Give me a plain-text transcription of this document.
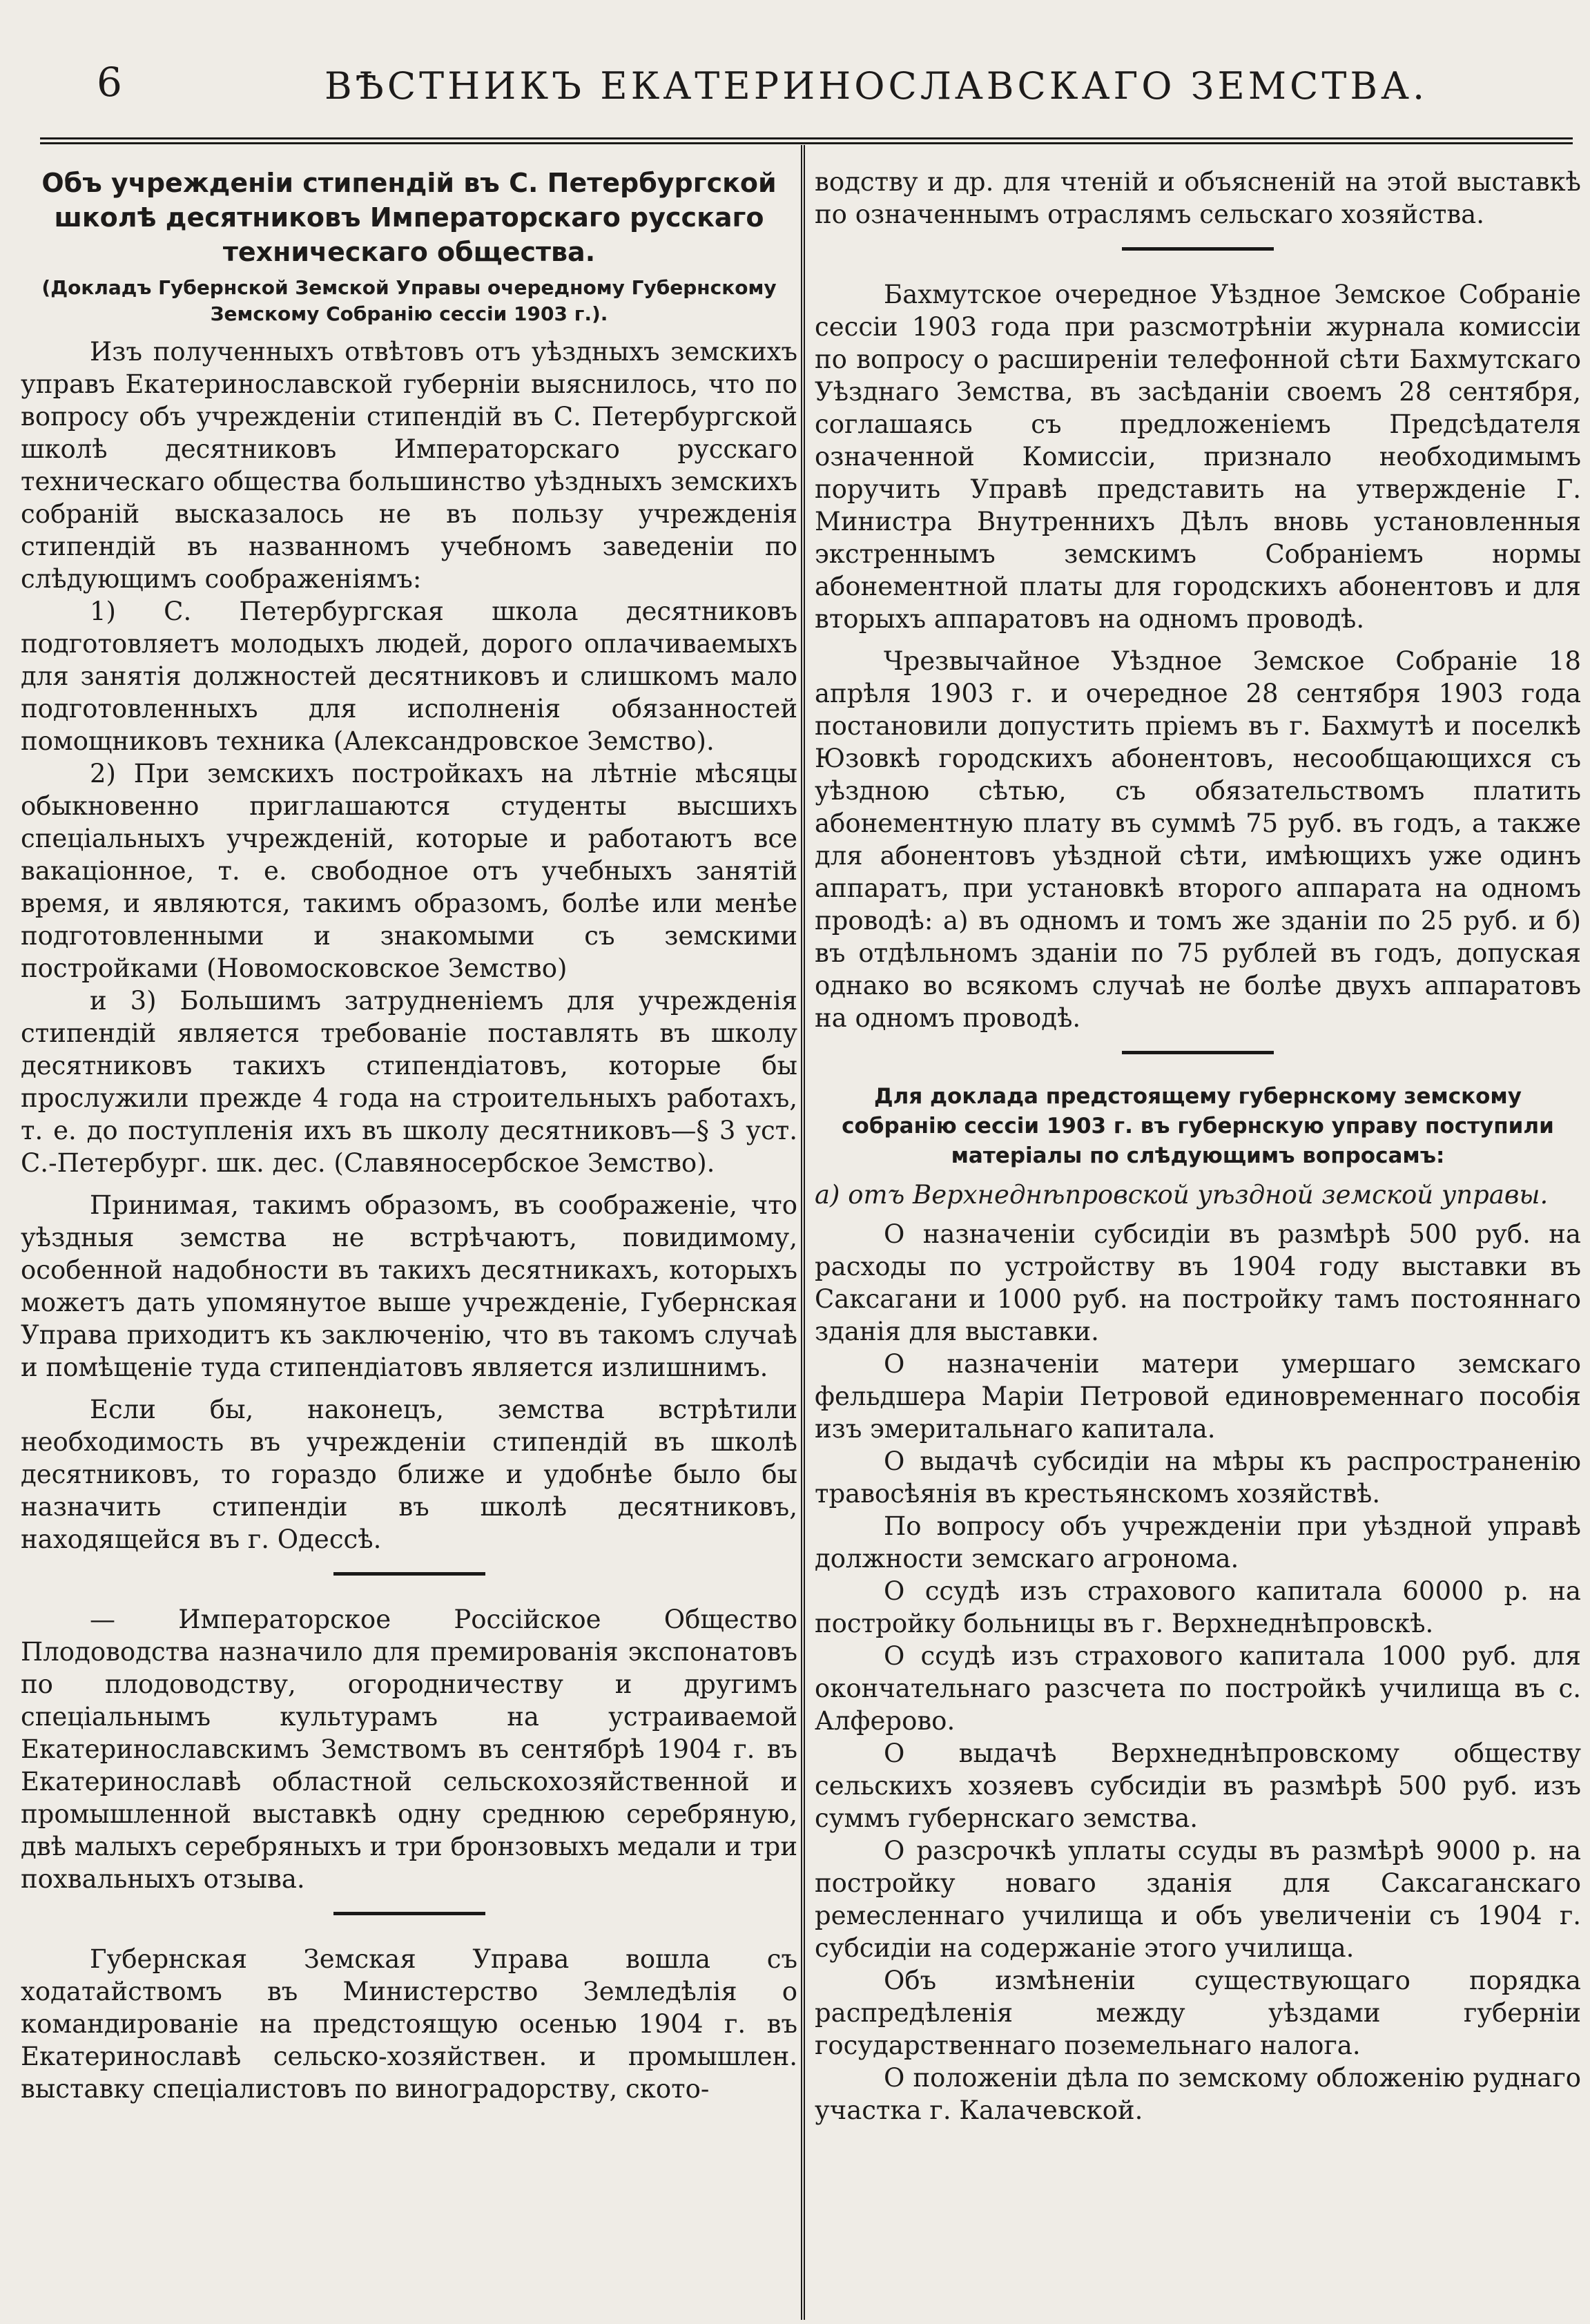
6	ВѢСТНИКЪ ЕКАТЕРИНОСЛАВСКАГО ЗЕМСТВА.
Объ учрежденіи стипендій въ С. Петербургской школѣ десятниковъ Императорскаго русскаго техническаго общества.
(Докладъ Губернской Земской Управы очередному Губернскому Земскому Собранію сессіи 1903 г.).

Изъ полученныхъ отвѣтовъ отъ уѣздныхъ земскихъ управъ Екатеринославской губерніи выяснилось, что по вопросу объ учрежденіи стипендій въ С. Петербургской школѣ десятниковъ Императорскаго русскаго техническаго общества большинство уѣздныхъ земскихъ собраній высказалось не въ пользу учрежденія стипендій въ названномъ учебномъ заведеніи по слѣдующимъ соображеніямъ:

1) С. Петербургская школа десятниковъ подготовляетъ молодыхъ людей, дорого оплачиваемыхъ для занятія должностей десятниковъ и слишкомъ мало подготовленныхъ для исполненія обязанностей помощниковъ техника (Александровское Земство).

2) При земскихъ постройкахъ на лѣтніе мѣсяцы обыкновенно приглашаются студенты высшихъ спеціальныхъ учрежденій, которые и работаютъ все вакаціонное, т. е. свободное отъ учебныхъ занятій время, и являются, такимъ образомъ, болѣе или менѣе подготовленными и знакомыми съ земскими постройками (Новомосковское Земство)

и 3) Большимъ затрудненіемъ для учрежденія стипендій является требованіе поставлять въ школу десятниковъ такихъ стипендіатовъ, которые бы прослужили прежде 4 года на строительныхъ работахъ, т. е. до поступленія ихъ въ школу десятниковъ—§ 3 уст. С.-Петербург. шк. дес. (Славяносербское Земство).

Принимая, такимъ образомъ, въ соображеніе, что уѣздныя земства не встрѣчаютъ, повидимому, особенной надобности въ такихъ десятникахъ, которыхъ можетъ дать упомянутое выше учрежденіе, Губернская Управа приходитъ къ заключенію, что въ такомъ случаѣ и помѣщеніе туда стипендіатовъ является излишнимъ.

Если бы, наконецъ, земства встрѣтили необходимость въ учрежденіи стипендій въ школѣ десятниковъ, то гораздо ближе и удобнѣе было бы назначить стипендіи въ школѣ десятниковъ, находящейся въ г. Одессѣ.

— Императорское Россійское Общество Плодоводства назначило для премированія экспонатовъ по плодоводству, огородничеству и другимъ спеціальнымъ культурамъ на устраиваемой Екатеринославскимъ Земствомъ въ сентябрѣ 1904 г. въ Екатеринославѣ областной сельскохозяйственной и промышленной выставкѣ одну среднюю серебряную, двѣ малыхъ серебряныхъ и три бронзовыхъ медали и три похвальныхъ отзыва.

Губернская Земская Управа вошла съ ходатайствомъ въ Министерство Земледѣлія о командированіе на предстоящую осенью 1904 г. въ Екатеринославѣ сельско-хозяйствен. и промышлен. выставку спеціалистовъ по виноградорству, ското-

водству и др. для чтеній и объясненій на этой выставкѣ по означеннымъ отраслямъ сельскаго хозяйства.

Бахмутское очередное Уѣздное Земское Собраніе сессіи 1903 года при разсмотрѣніи журнала комиссіи по вопросу о расширеніи телефонной сѣти Бахмутскаго Уѣзднаго Земства, въ засѣданіи своемъ 28 сентября, соглашаясь съ предложеніемъ Предсѣдателя означенной Комиссіи, признало необходимымъ поручить Управѣ представить на утвержденіе Г. Министра Внутреннихъ Дѣлъ вновь установленныя экстреннымъ земскимъ Собраніемъ нормы абонементной платы для городскихъ абонентовъ и для вторыхъ аппаратовъ на одномъ проводѣ.

Чрезвычайное Уѣздное Земское Собраніе 18 апрѣля 1903 г. и очередное 28 сентября 1903 года постановили допустить пріемъ въ г. Бахмутѣ и поселкѣ Юзовкѣ городскихъ абонентовъ, несообщающихся съ уѣздною сѣтью, съ обязательствомъ платить абонементную плату въ суммѣ 75 руб. въ годъ, а также для абонентовъ уѣздной сѣти, имѣющихъ уже одинъ аппаратъ, при установкѣ второго аппарата на одномъ проводѣ: а) въ одномъ и томъ же зданіи по 25 руб. и б) въ отдѣльномъ зданіи по 75 рублей въ годъ, допуская однако во всякомъ случаѣ не болѣе двухъ аппаратовъ на одномъ проводѣ.

Для доклада предстоящему губернскому земскому собранію сессіи 1903 г. въ губернскую управу поступили матеріалы по слѣдующимъ вопросамъ:
а) отъ Верхнеднѣпровской уѣздной земской управы.

О назначеніи субсидіи въ размѣрѣ 500 руб. на расходы по устройству въ 1904 году выставки въ Саксагани и 1000 руб. на постройку тамъ постояннаго зданія для выставки.

О назначеніи матери умершаго земскаго фельдшера Маріи Петровой единовременнаго пособія изъ эмеритальнаго капитала.

О выдачѣ субсидіи на мѣры къ распространенію травосѣянія въ крестьянскомъ хозяйствѣ.

По вопросу объ учрежденіи при уѣздной управѣ должности земскаго агронома.

О ссудѣ изъ страхового капитала 60000 р. на постройку больницы въ г. Верхнеднѣпровскѣ.

О ссудѣ изъ страхового капитала 1000 руб. для окончательнаго разсчета по постройкѣ училища въ с. Алферово.

О выдачѣ Верхнеднѣпровскому обществу сельскихъ хозяевъ субсидіи въ размѣрѣ 500 руб. изъ суммъ губернскаго земства.

О разсрочкѣ уплаты ссуды въ размѣрѣ 9000 р. на постройку новаго зданія для Саксаганскаго ремесленнаго училища и объ увеличеніи съ 1904 г. субсидіи на содержаніе этого училища.

Объ измѣненіи существующаго порядка распредѣленія между уѣздами губерніи государственнаго поземельнаго налога.

О положеніи дѣла по земскому обложенію руднаго участка г. Калачевской.
